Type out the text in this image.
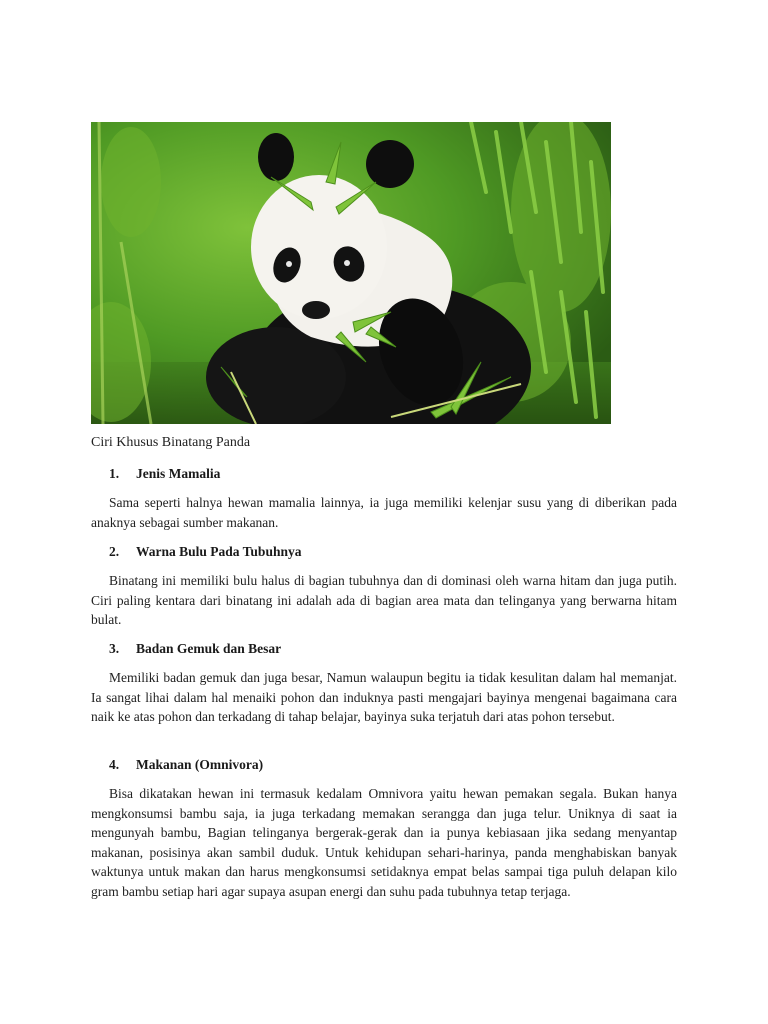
Ciri Khusus Binatang Panda
1. Jenis Mamalia

Sama seperti halnya hewan mamalia lainnya, ia juga memiliki kelenjar susu yang di diberikan pada anaknya sebagai sumber makanan.

2. Warna Bulu Pada Tubuhnya

Binatang ini memiliki bulu halus di bagian tubuhnya dan di dominasi oleh warna hitam dan juga putih. Ciri paling kentara dari binatang ini adalah ada di bagian area mata dan telinganya yang berwarna hitam bulat.

3. Badan Gemuk dan Besar

Memiliki badan gemuk dan juga besar, Namun walaupun begitu ia tidak kesulitan dalam hal memanjat. Ia sangat lihai dalam hal menaiki pohon dan induknya pasti mengajari bayinya mengenai bagaimana cara naik ke atas pohon dan terkadang di tahap belajar, bayinya suka terjatuh dari atas pohon tersebut.

4. Makanan (Omnivora)

Bisa dikatakan hewan ini termasuk kedalam Omnivora yaitu hewan pemakan segala. Bukan hanya mengkonsumsi bambu saja, ia juga terkadang memakan serangga dan juga telur. Uniknya di saat ia mengunyah bambu, Bagian telinganya bergerak-gerak dan ia punya kebiasaan jika sedang menyantap makanan, posisinya akan sambil duduk. Untuk kehidupan sehari-harinya, panda menghabiskan banyak waktunya untuk makan dan harus mengkonsumsi setidaknya empat belas sampai tiga puluh delapan kilo gram bambu setiap hari agar supaya asupan energi dan suhu pada tubuhnya tetap terjaga.
